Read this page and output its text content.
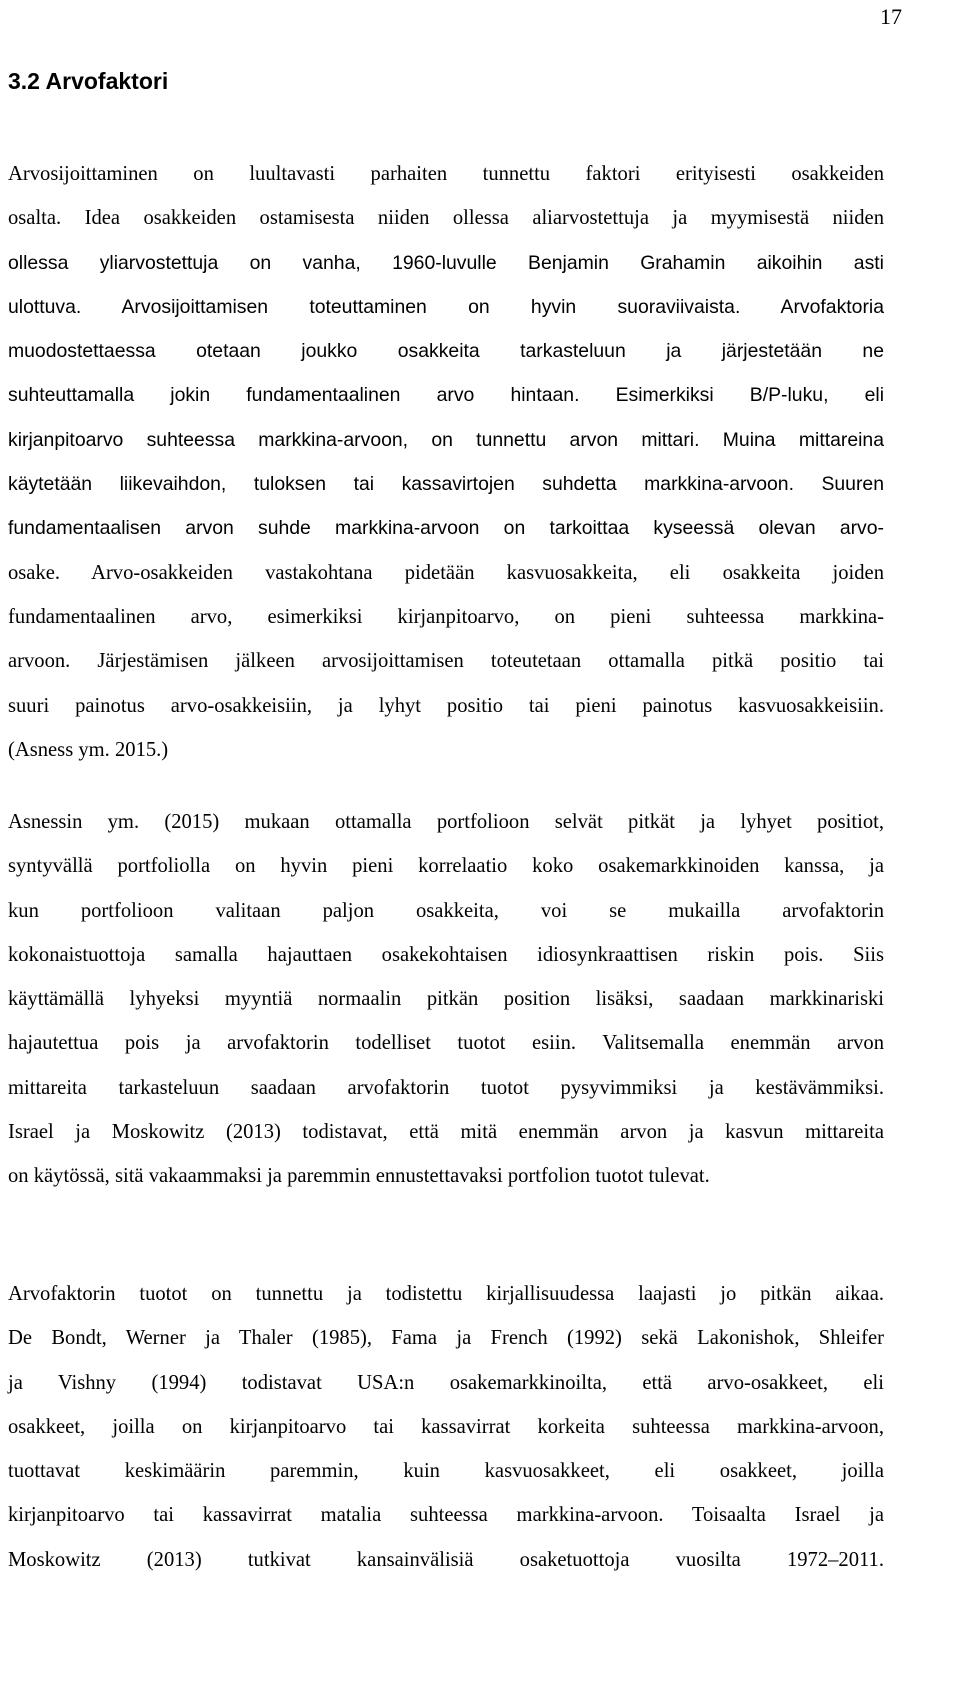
17
3.2 Arvofaktori

Arvosijoittaminen on luultavasti parhaiten tunnettu faktori erityisesti osakkeiden
osalta. Idea osakkeiden ostamisesta niiden ollessa aliarvostettuja ja myymisestä niiden
ollessa yliarvostettuja on vanha, 1960-luvulle Benjamin Grahamin aikoihin asti
ulottuva. Arvosijoittamisen toteuttaminen on hyvin suoraviivaista. Arvofaktoria
muodostettaessa otetaan joukko osakkeita tarkasteluun ja järjestetään ne
suhteuttamalla jokin fundamentaalinen arvo hintaan. Esimerkiksi B/P-luku, eli
kirjanpitoarvo suhteessa markkina-arvoon, on tunnettu arvon mittari. Muina mittareina
käytetään liikevaihdon, tuloksen tai kassavirtojen suhdetta markkina-arvoon. Suuren
fundamentaalisen arvon suhde markkina-arvoon on tarkoittaa kyseessä olevan arvo-
osake. Arvo-osakkeiden vastakohtana pidetään kasvuosakkeita, eli osakkeita joiden
fundamentaalinen arvo, esimerkiksi kirjanpitoarvo, on pieni suhteessa markkina-
arvoon. Järjestämisen jälkeen arvosijoittamisen toteutetaan ottamalla pitkä positio tai
suuri painotus arvo-osakkeisiin, ja lyhyt positio tai pieni painotus kasvuosakkeisiin.
(Asness ym. 2015.)

Asnessin ym. (2015) mukaan ottamalla portfolioon selvät pitkät ja lyhyet positiot,
syntyvällä portfoliolla on hyvin pieni korrelaatio koko osakemarkkinoiden kanssa, ja
kun portfolioon valitaan paljon osakkeita, voi se mukailla arvofaktorin
kokonaistuottoja samalla hajauttaen osakekohtaisen idiosynkraattisen riskin pois. Siis
käyttämällä lyhyeksi myyntiä normaalin pitkän position lisäksi, saadaan markkinariski
hajautettua pois ja arvofaktorin todelliset tuotot esiin. Valitsemalla enemmän arvon
mittareita tarkasteluun saadaan arvofaktorin tuotot pysyvimmiksi ja kestävämmiksi.
Israel ja Moskowitz (2013) todistavat, että mitä enemmän arvon ja kasvun mittareita
on käytössä, sitä vakaammaksi ja paremmin ennustettavaksi portfolion tuotot tulevat.

Arvofaktorin tuotot on tunnettu ja todistettu kirjallisuudessa laajasti jo pitkän aikaa.
De Bondt, Werner ja Thaler (1985), Fama ja French (1992) sekä Lakonishok, Shleifer
ja Vishny (1994) todistavat USA:n osakemarkkinoilta, että arvo-osakkeet, eli
osakkeet, joilla on kirjanpitoarvo tai kassavirrat korkeita suhteessa markkina-arvoon,
tuottavat keskimäärin paremmin, kuin kasvuosakkeet, eli osakkeet, joilla
kirjanpitoarvo tai kassavirrat matalia suhteessa markkina-arvoon. Toisaalta Israel ja
Moskowitz (2013) tutkivat kansainvälisiä osaketuottoja vuosilta 1972–2011.
